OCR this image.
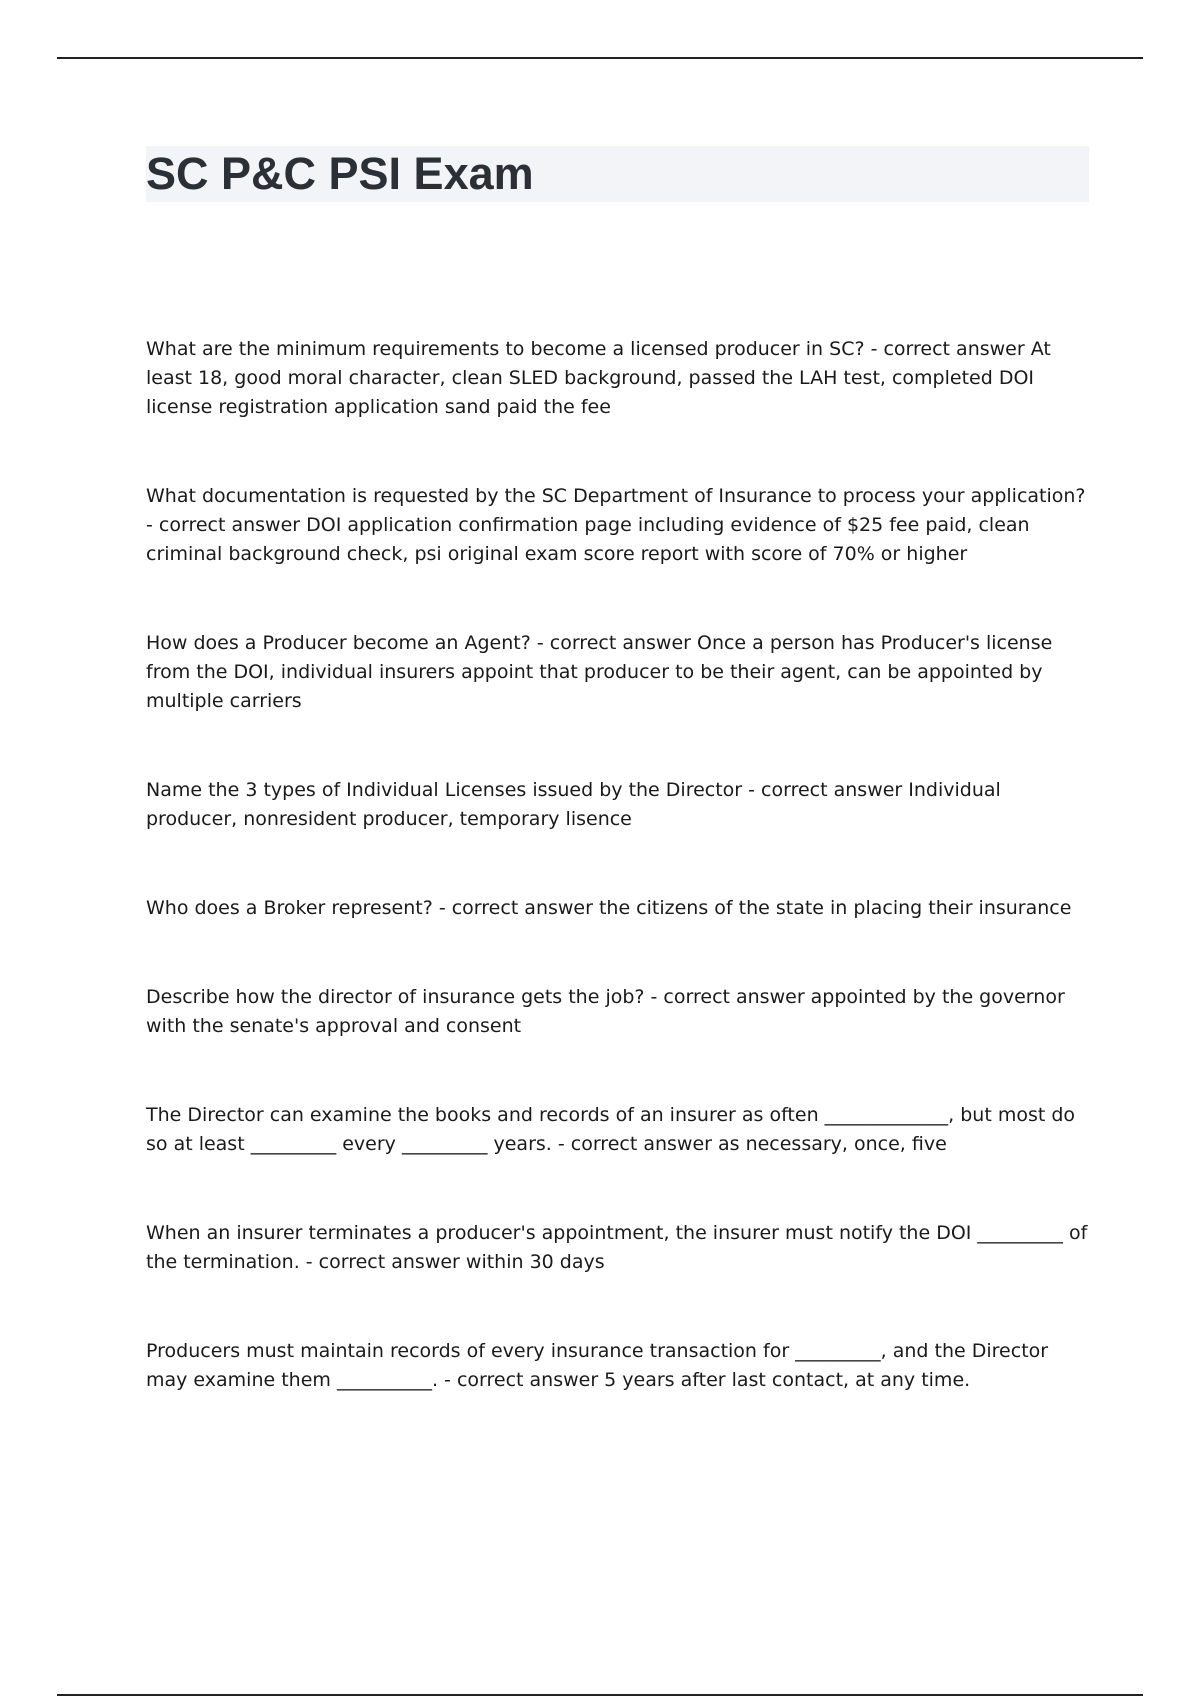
SC P&C PSI Exam

What are the minimum requirements to become a licensed producer in SC? - correct answer At least 18, good moral character, clean SLED background, passed the LAH test, completed DOI license registration application sand paid the fee

What documentation is requested by the SC Department of Insurance to process your application? - correct answer DOI application confirmation page including evidence of $25 fee paid, clean criminal background check, psi original exam score report with score of 70% or higher

How does a Producer become an Agent? - correct answer Once a person has Producer's license from the DOI, individual insurers appoint that producer to be their agent, can be appointed by multiple carriers

Name the 3 types of Individual Licenses issued by the Director - correct answer Individual producer, nonresident producer, temporary lisence

Who does a Broker represent? - correct answer the citizens of the state in placing their insurance

Describe how the director of insurance gets the job? - correct answer appointed by the governor with the senate's approval and consent

The Director can examine the books and records of an insurer as often _____________, but most do so at least _________ every _________ years. - correct answer as necessary, once, five

When an insurer terminates a producer's appointment, the insurer must notify the DOI _________ of the termination. - correct answer within 30 days

Producers must maintain records of every insurance transaction for _________, and the Director may examine them __________. - correct answer 5 years after last contact, at any time.
